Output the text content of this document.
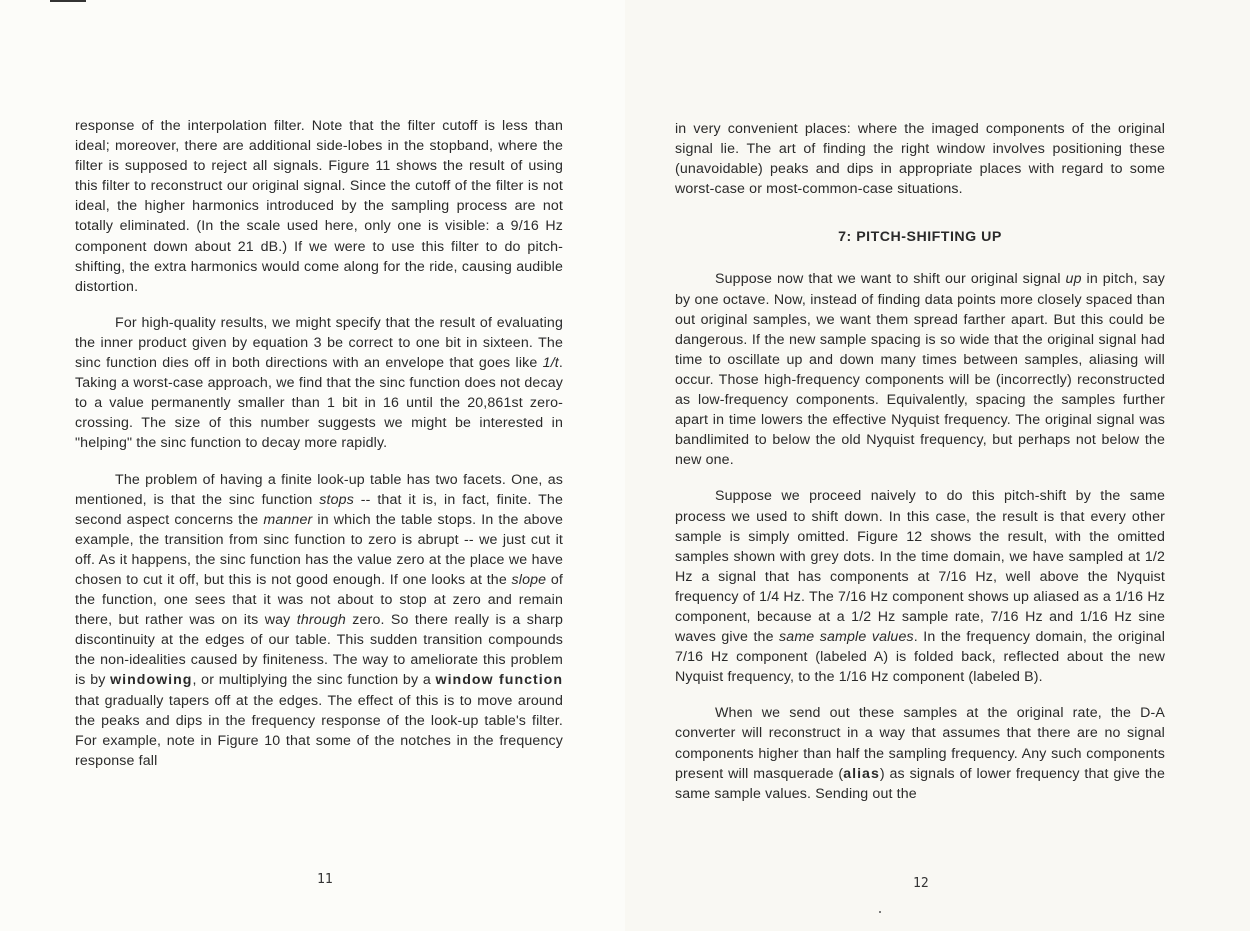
response of the interpolation filter. Note that the filter cutoff is less than ideal; moreover, there are additional side-lobes in the stopband, where the filter is supposed to reject all signals. Figure 11 shows the result of using this filter to reconstruct our original signal. Since the cutoff of the filter is not ideal, the higher harmonics introduced by the sampling process are not totally eliminated. (In the scale used here, only one is visible: a 9/16 Hz component down about 21 dB.) If we were to use this filter to do pitch-shifting, the extra harmonics would come along for the ride, causing audible distortion.

For high-quality results, we might specify that the result of evaluating the inner product given by equation 3 be correct to one bit in sixteen. The sinc function dies off in both directions with an envelope that goes like 1/t. Taking a worst-case approach, we find that the sinc function does not decay to a value permanently smaller than 1 bit in 16 until the 20,861st zero-crossing. The size of this number suggests we might be interested in "helping" the sinc function to decay more rapidly.

The problem of having a finite look-up table has two facets. One, as mentioned, is that the sinc function stops -- that it is, in fact, finite. The second aspect concerns the manner in which the table stops. In the above example, the transition from sinc function to zero is abrupt -- we just cut it off. As it happens, the sinc function has the value zero at the place we have chosen to cut it off, but this is not good enough. If one looks at the slope of the function, one sees that it was not about to stop at zero and remain there, but rather was on its way through zero. So there really is a sharp discontinuity at the edges of our table. This sudden transition compounds the non-idealities caused by finiteness. The way to ameliorate this problem is by windowing, or multiplying the sinc function by a window function that gradually tapers off at the edges. The effect of this is to move around the peaks and dips in the frequency response of the look-up table's filter. For example, note in Figure 10 that some of the notches in the frequency response fall

in very convenient places: where the imaged components of the original signal lie. The art of finding the right window involves positioning these (unavoidable) peaks and dips in appropriate places with regard to some worst-case or most-common-case situations.

7: PITCH-SHIFTING UP

Suppose now that we want to shift our original signal up in pitch, say by one octave. Now, instead of finding data points more closely spaced than out original samples, we want them spread farther apart. But this could be dangerous. If the new sample spacing is so wide that the original signal had time to oscillate up and down many times between samples, aliasing will occur. Those high-frequency components will be (incorrectly) reconstructed as low-frequency components. Equivalently, spacing the samples further apart in time lowers the effective Nyquist frequency. The original signal was bandlimited to below the old Nyquist frequency, but perhaps not below the new one.

Suppose we proceed naively to do this pitch-shift by the same process we used to shift down. In this case, the result is that every other sample is simply omitted. Figure 12 shows the result, with the omitted samples shown with grey dots. In the time domain, we have sampled at 1/2 Hz a signal that has components at 7/16 Hz, well above the Nyquist frequency of 1/4 Hz. The 7/16 Hz component shows up aliased as a 1/16 Hz component, because at a 1/2 Hz sample rate, 7/16 Hz and 1/16 Hz sine waves give the same sample values. In the frequency domain, the original 7/16 Hz component (labeled A) is folded back, reflected about the new Nyquist frequency, to the 1/16 Hz component (labeled B).

When we send out these samples at the original rate, the D-A converter will reconstruct in a way that assumes that there are no signal components higher than half the sampling frequency. Any such components present will masquerade (alias) as signals of lower frequency that give the same sample values. Sending out the

11	12
